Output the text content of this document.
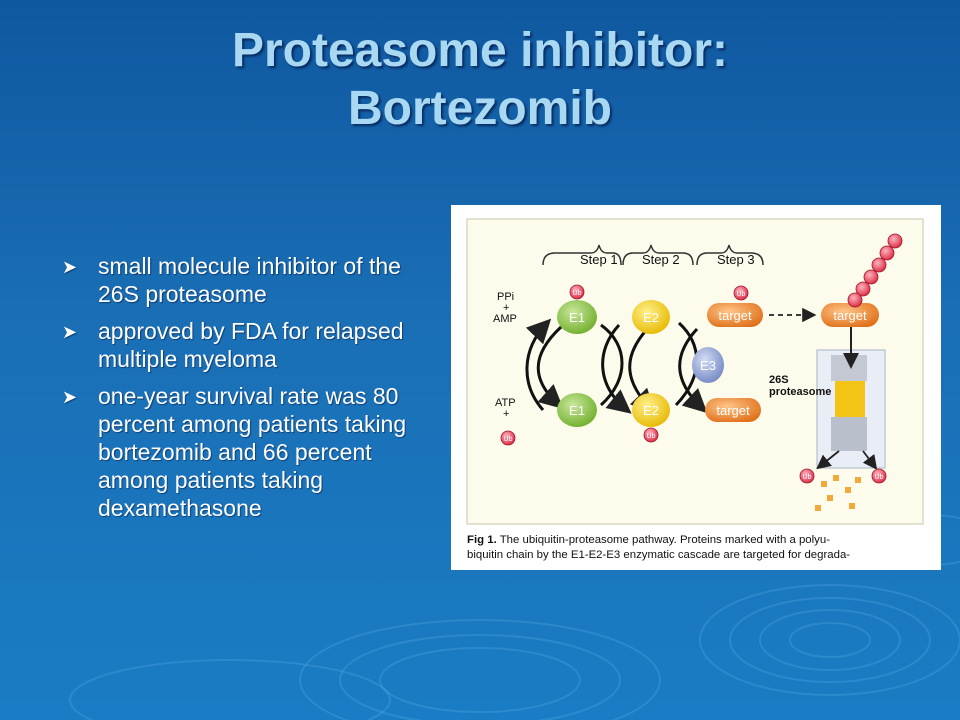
Proteasome inhibitor:
Bortezomib
➤ small molecule inhibitor of the 26S proteasome
➤ approved by FDA for relapsed multiple myeloma
➤ one-year survival rate was 80 percent among patients taking bortezomib and 66 percent among patients taking dexamethasone
Step 1 Step 2	Step 3
PPi
+
AMP
ATP
+
Ub
Ub
E1	E2
Ub
target	target
E3
E1	E2
Ub
target
26S
proteasome
Ub	Ub
Fig 1. The ubiquitin-proteasome pathway. Proteins marked with a polyu-
biquitin chain by the E1-E2-E3 enzymatic cascade are targeted for degrada-
